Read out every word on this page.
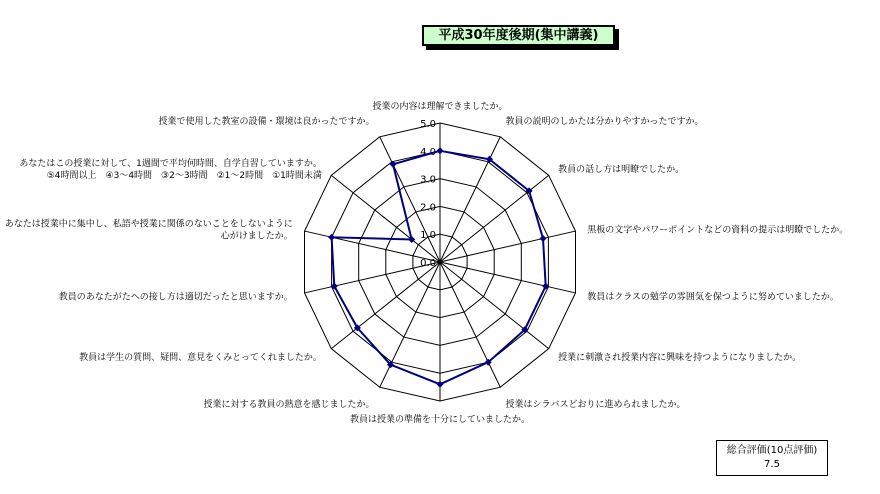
平成30年度後期(集中講義)
0.0
1.0
2.0
3.0
4.0
5.0
授業の内容は理解できましたか。
教員の説明のしかたは分かりやすかったですか。
教員の話し方は明瞭でしたか。
黒板の文字やパワーポイントなどの資料の提示は明瞭でしたか。
教員はクラスの勉学の雰囲気を保つように努めていましたか。
授業に刺激され授業内容に興味を持つようになりましたか。
授業はシラバスどおりに進められましたか。
教員は授業の準備を十分にしていましたか。
授業に対する教員の熱意を感じましたか。
教員は学生の質問、疑問、意見をくみとってくれましたか。
教員のあなたがたへの接し方は適切だったと思いますか。
あなたは授業中に集中し、私語や授業に関係のないことをしないように
心がけましたか。
あなたはこの授業に対して、1週間で平均何時間、自学自習していますか。
⑤4時間以上　④3～4時間　③2～3時間　②1～2時間　①1時間未満
授業で使用した教室の設備・環境は良かったですか。
総合評価(10点評価)
7.5
